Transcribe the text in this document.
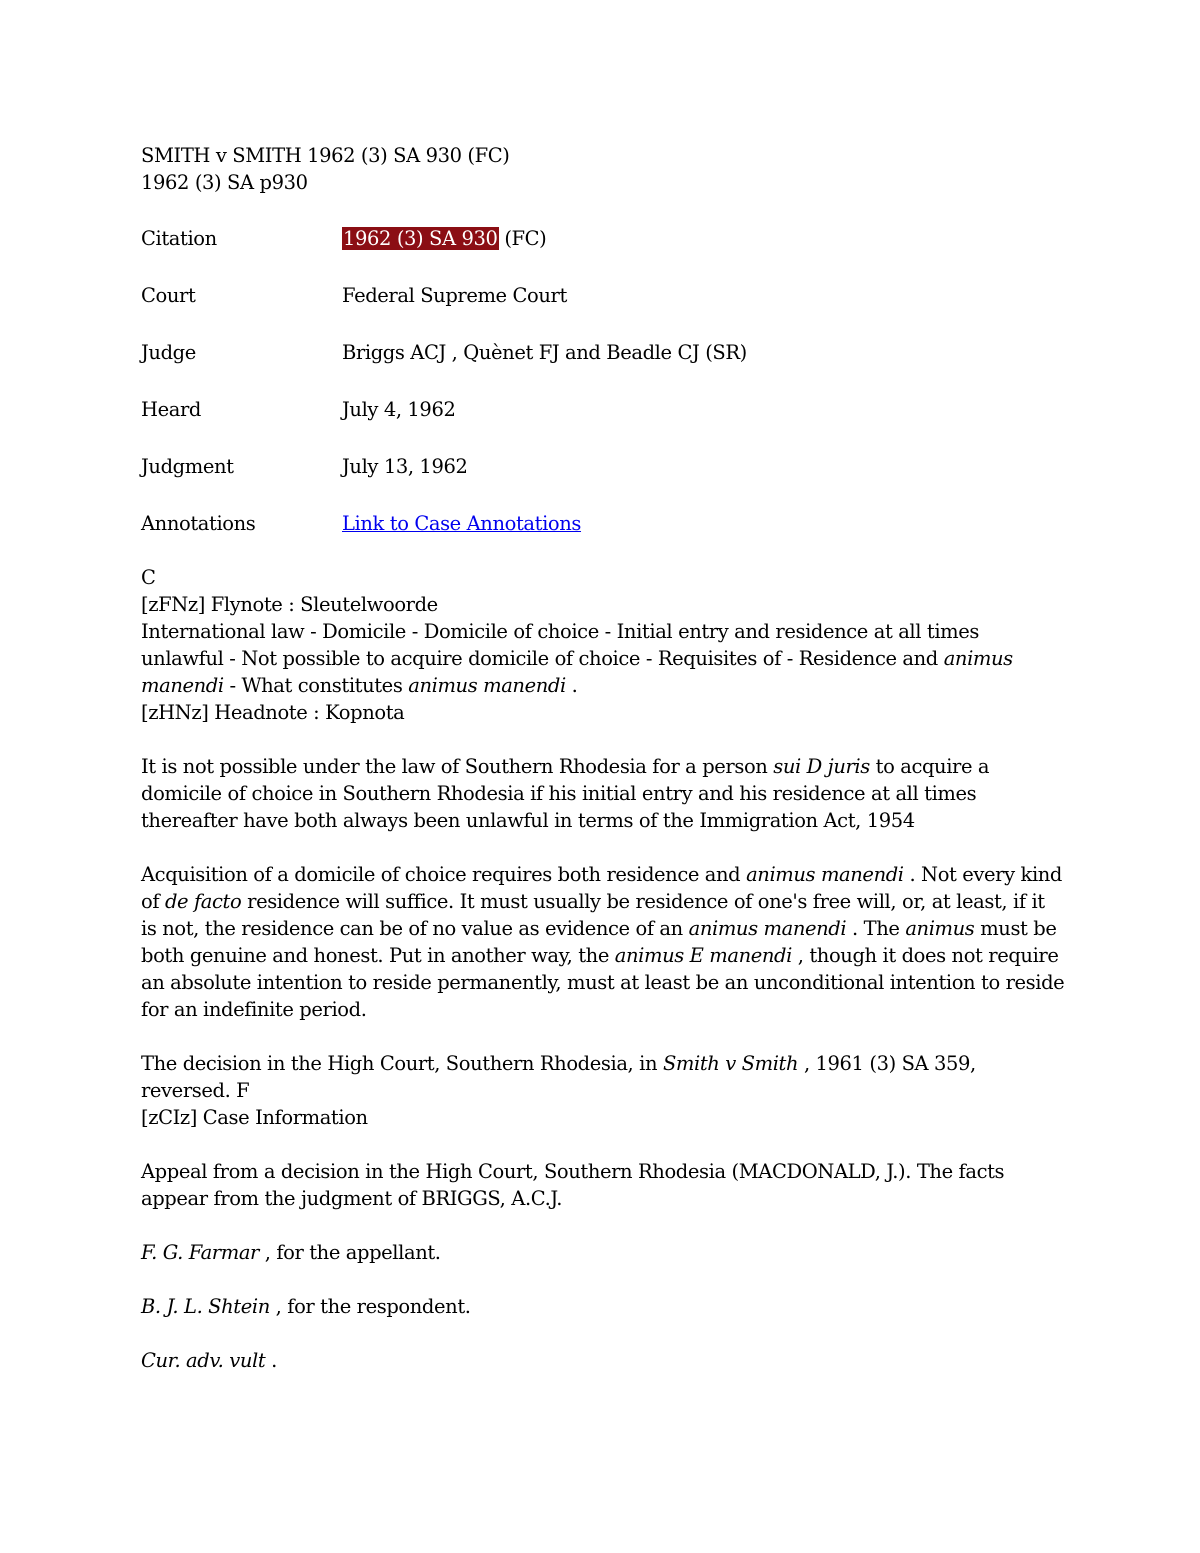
SMITH v SMITH 1962 (3) SA 930 (FC)
1962 (3) SA p930
Citation	1962 (3) SA 930 (FC)
Court	Federal Supreme Court
Judge	Briggs ACJ , Quènet FJ and Beadle CJ (SR)
Heard	July 4, 1962
Judgment	July 13, 1962
Annotations	Link to Case Annotations
C
[zFNz] Flynote : Sleutelwoorde
International law - Domicile - Domicile of choice - Initial entry and residence at all times
unlawful - Not possible to acquire domicile of choice - Requisites of - Residence and animus
manendi - What constitutes animus manendi .
[zHNz] Headnote : Kopnota
It is not possible under the law of Southern Rhodesia for a person sui D juris to acquire a
domicile of choice in Southern Rhodesia if his initial entry and his residence at all times
thereafter have both always been unlawful in terms of the Immigration Act, 1954
Acquisition of a domicile of choice requires both residence and animus manendi . Not every kind
of de facto residence will suffice. It must usually be residence of one's free will, or, at least, if it
is not, the residence can be of no value as evidence of an animus manendi . The animus must be
both genuine and honest. Put in another way, the animus E manendi , though it does not require
an absolute intention to reside permanently, must at least be an unconditional intention to reside
for an indefinite period.
The decision in the High Court, Southern Rhodesia, in Smith v Smith , 1961 (3) SA 359,
reversed. F
[zCIz] Case Information
Appeal from a decision in the High Court, Southern Rhodesia (MACDONALD, J.). The facts
appear from the judgment of BRIGGS, A.C.J.
F. G. Farmar , for the appellant.
B. J. L. Shtein , for the respondent.
Cur. adv. vult .
